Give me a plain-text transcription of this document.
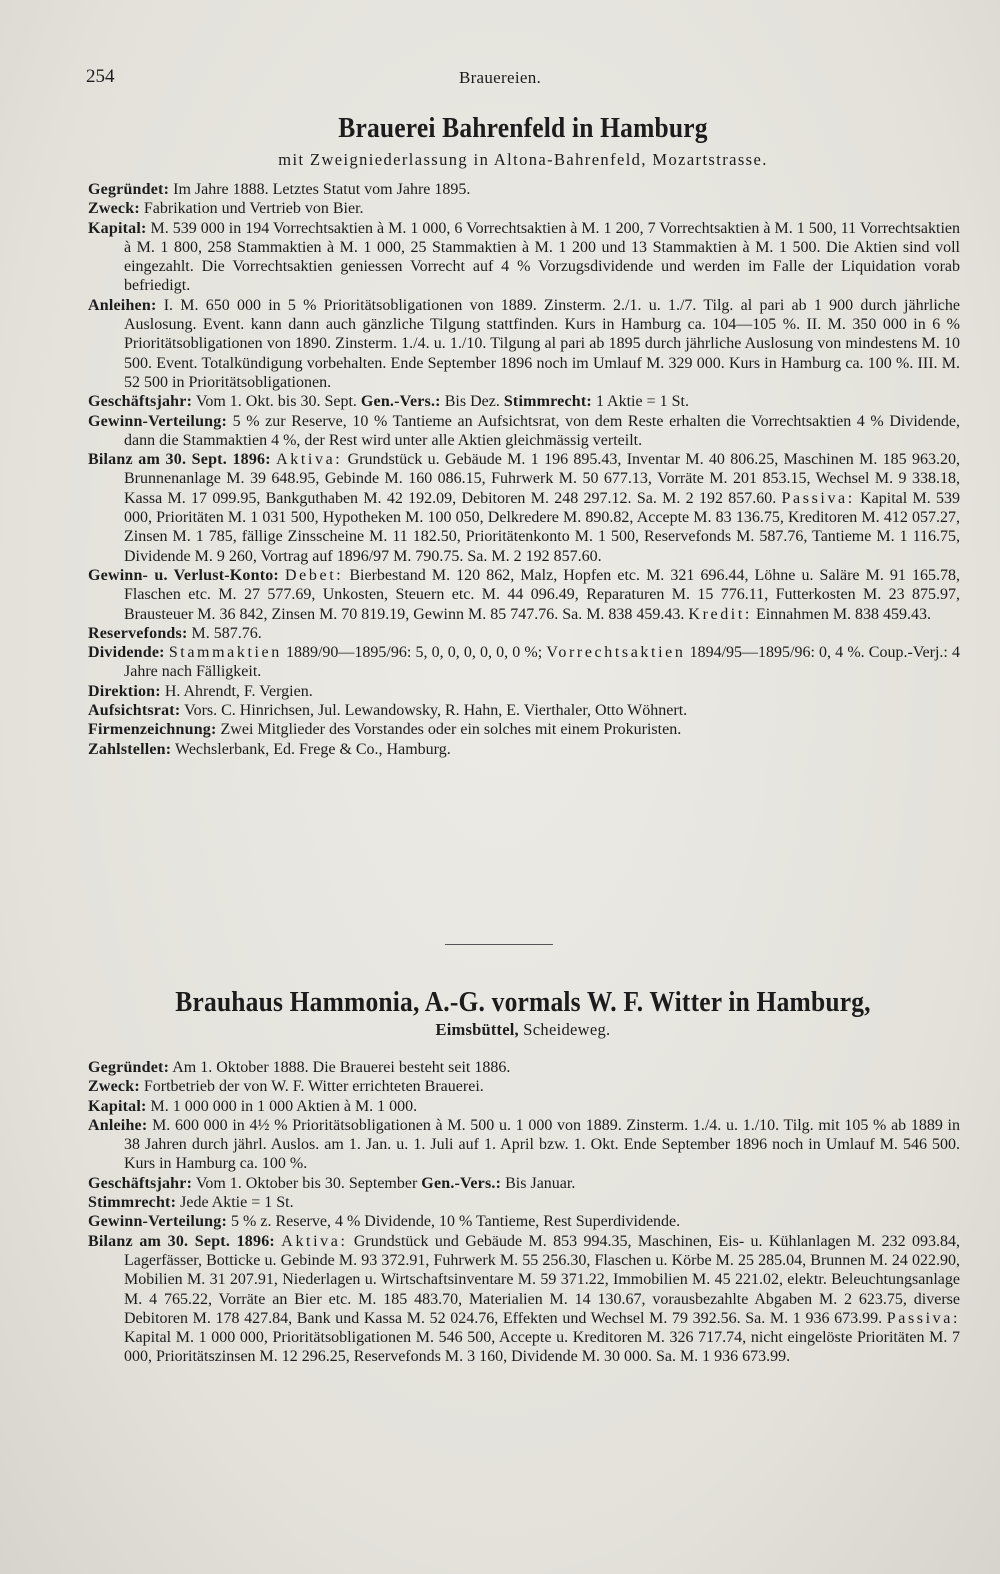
254	Brauereien.
Brauerei Bahrenfeld in Hamburg
mit Zweigniederlassung in Altona-Bahrenfeld, Mozartstrasse.
Gegründet: Im Jahre 1888. Letztes Statut vom Jahre 1895.
Zweck: Fabrikation und Vertrieb von Bier.
Kapital: M. 539 000 in 194 Vorrechtsaktien à M. 1 000, 6 Vorrechtsaktien à M. 1 200, 7 Vorrechtsaktien à M. 1 500, 11 Vorrechtsaktien à M. 1 800, 258 Stammaktien à M. 1 000, 25 Stammaktien à M. 1 200 und 13 Stammaktien à M. 1 500. Die Aktien sind voll eingezahlt. Die Vorrechtsaktien geniessen Vorrecht auf 4 % Vorzugsdividende und werden im Falle der Liquidation vorab befriedigt.
Anleihen: I. M. 650 000 in 5 % Prioritätsobligationen von 1889. Zinsterm. 2./1. u. 1./7. Tilg. al pari ab 1 900 durch jährliche Auslosung. Event. kann dann auch gänzliche Tilgung stattfinden. Kurs in Hamburg ca. 104—105 %. II. M. 350 000 in 6 % Prioritätsobligationen von 1890. Zinsterm. 1./4. u. 1./10. Tilgung al pari ab 1895 durch jährliche Auslosung von mindestens M. 10 500. Event. Totalkündigung vorbehalten. Ende September 1896 noch im Umlauf M. 329 000. Kurs in Hamburg ca. 100 %. III. M. 52 500 in Prioritätsobligationen.
Geschäftsjahr: Vom 1. Okt. bis 30. Sept. Gen.-Vers.: Bis Dez. Stimmrecht: 1 Aktie = 1 St.
Gewinn-Verteilung: 5 % zur Reserve, 10 % Tantieme an Aufsichtsrat, von dem Reste erhalten die Vorrechtsaktien 4 % Dividende, dann die Stammaktien 4 %, der Rest wird unter alle Aktien gleichmässig verteilt.
Bilanz am 30. Sept. 1896: Aktiva: Grundstück u. Gebäude M. 1 196 895.43, Inventar M. 40 806.25, Maschinen M. 185 963.20, Brunnenanlage M. 39 648.95, Gebinde M. 160 086.15, Fuhrwerk M. 50 677.13, Vorräte M. 201 853.15, Wechsel M. 9 338.18, Kassa M. 17 099.95, Bankguthaben M. 42 192.09, Debitoren M. 248 297.12. Sa. M. 2 192 857.60. Passiva: Kapital M. 539 000, Prioritäten M. 1 031 500, Hypotheken M. 100 050, Delkredere M. 890.82, Accepte M. 83 136.75, Kreditoren M. 412 057.27, Zinsen M. 1 785, fällige Zinsscheine M. 11 182.50, Prioritätenkonto M. 1 500, Reservefonds M. 587.76, Tantieme M. 1 116.75, Dividende M. 9 260, Vortrag auf 1896/97 M. 790.75. Sa. M. 2 192 857.60.
Gewinn- u. Verlust-Konto: Debet: Bierbestand M. 120 862, Malz, Hopfen etc. M. 321 696.44, Löhne u. Saläre M. 91 165.78, Flaschen etc. M. 27 577.69, Unkosten, Steuern etc. M. 44 096.49, Reparaturen M. 15 776.11, Futterkosten M. 23 875.97, Brausteuer M. 36 842, Zinsen M. 70 819.19, Gewinn M. 85 747.76. Sa. M. 838 459.43. Kredit: Einnahmen M. 838 459.43.
Reservefonds: M. 587.76.
Dividende: Stammaktien 1889/90—1895/96: 5, 0, 0, 0, 0, 0, 0 %; Vorrechtsaktien 1894/95—1895/96: 0, 4 %. Coup.-Verj.: 4 Jahre nach Fälligkeit.
Direktion: H. Ahrendt, F. Vergien.
Aufsichtsrat: Vors. C. Hinrichsen, Jul. Lewandowsky, R. Hahn, E. Vierthaler, Otto Wöhnert.
Firmenzeichnung: Zwei Mitglieder des Vorstandes oder ein solches mit einem Prokuristen.
Zahlstellen: Wechslerbank, Ed. Frege & Co., Hamburg.
Brauhaus Hammonia, A.-G. vormals W. F. Witter in Hamburg,
Eimsbüttel, Scheideweg.
Gegründet: Am 1. Oktober 1888. Die Brauerei besteht seit 1886.
Zweck: Fortbetrieb der von W. F. Witter errichteten Brauerei.
Kapital: M. 1 000 000 in 1 000 Aktien à M. 1 000.
Anleihe: M. 600 000 in 4½ % Prioritätsobligationen à M. 500 u. 1 000 von 1889. Zinsterm. 1./4. u. 1./10. Tilg. mit 105 % ab 1889 in 38 Jahren durch jährl. Auslos. am 1. Jan. u. 1. Juli auf 1. April bzw. 1. Okt. Ende September 1896 noch in Umlauf M. 546 500. Kurs in Hamburg ca. 100 %.
Geschäftsjahr: Vom 1. Oktober bis 30. September Gen.-Vers.: Bis Januar.
Stimmrecht: Jede Aktie = 1 St.
Gewinn-Verteilung: 5 % z. Reserve, 4 % Dividende, 10 % Tantieme, Rest Superdividende.
Bilanz am 30. Sept. 1896: Aktiva: Grundstück und Gebäude M. 853 994.35, Maschinen, Eis- u. Kühlanlagen M. 232 093.84, Lagerfässer, Botticke u. Gebinde M. 93 372.91, Fuhrwerk M. 55 256.30, Flaschen u. Körbe M. 25 285.04, Brunnen M. 24 022.90, Mobilien M. 31 207.91, Niederlagen u. Wirtschaftsinventare M. 59 371.22, Immobilien M. 45 221.02, elektr. Beleuchtungsanlage M. 4 765.22, Vorräte an Bier etc. M. 185 483.70, Materialien M. 14 130.67, vorausbezahlte Abgaben M. 2 623.75, diverse Debitoren M. 178 427.84, Bank und Kassa M. 52 024.76, Effekten und Wechsel M. 79 392.56. Sa. M. 1 936 673.99. Passiva: Kapital M. 1 000 000, Prioritätsobligationen M. 546 500, Accepte u. Kreditoren M. 326 717.74, nicht eingelöste Prioritäten M. 7 000, Prioritätszinsen M. 12 296.25, Reservefonds M. 3 160, Dividende M. 30 000. Sa. M. 1 936 673.99.
